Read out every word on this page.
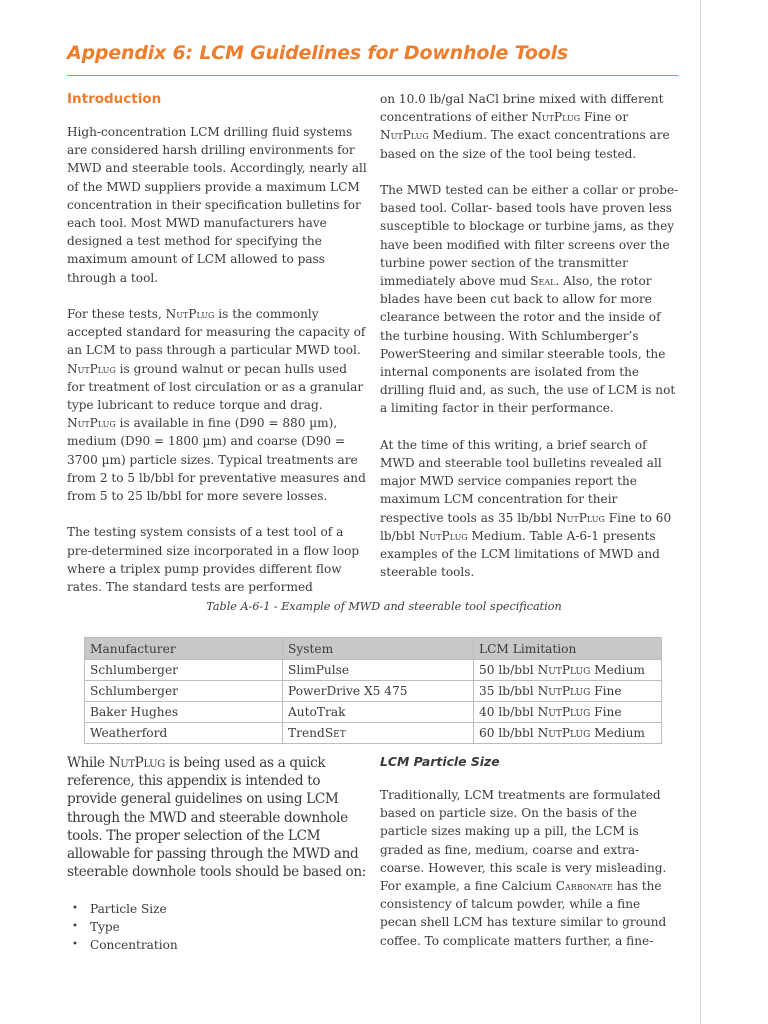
Appendix 6: LCM Guidelines for Downhole Tools
Introduction

High-concentration LCM drilling fluid systems are considered harsh drilling environments for MWD and steerable tools. Accordingly, nearly all of the MWD suppliers provide a maximum LCM concentration in their specification bulletins for each tool. Most MWD manufacturers have designed a test method for specifying the maximum amount of LCM allowed to pass through a tool.

For these tests, NutPlug is the commonly accepted standard for measuring the capacity of an LCM to pass through a particular MWD tool. NutPlug is ground walnut or pecan hulls used for treatment of lost circulation or as a granular type lubricant to reduce torque and drag. NutPlug is available in fine (D90 = 880 µm), medium (D90 = 1800 µm) and coarse (D90 = 3700 µm) particle sizes. Typical treatments are from 2 to 5 lb/bbl for preventative measures and from 5 to 25 lb/bbl for more severe losses.

The testing system consists of a test tool of a pre-determined size incorporated in a flow loop where a triplex pump provides different flow rates. The standard tests are performed

on 10.0 lb/gal NaCl brine mixed with different concentrations of either NutPlug Fine or NutPlug Medium. The exact concentrations are based on the size of the tool being tested.

The MWD tested can be either a collar or probe-based tool. Collar- based tools have proven less susceptible to blockage or turbine jams, as they have been modified with filter screens over the turbine power section of the transmitter immediately above mud Seal. Also, the rotor blades have been cut back to allow for more clearance between the rotor and the inside of the turbine housing. With Schlumberger’s PowerSteering and similar steerable tools, the internal components are isolated from the drilling fluid and, as such, the use of LCM is not a limiting factor in their performance.

At the time of this writing, a brief search of MWD and steerable tool bulletins revealed all major MWD service companies report the maximum LCM concentration for their respective tools as 35 lb/bbl NutPlug Fine to 60 lb/bbl NutPlug Medium. Table A-6-1 presents examples of the LCM limitations of MWD and steerable tools.

Table A-6-1 - Example of MWD and steerable tool specification

Manufacturer	System	LCM Limitation
Schlumberger	SlimPulse	50 lb/bbl NutPlug Medium
Schlumberger	PowerDrive X5 475	35 lb/bbl NutPlug Fine
Baker Hughes	AutoTrak	40 lb/bbl NutPlug Fine
Weatherford	TrendSet	60 lb/bbl NutPlug Medium

While NutPlug is being used as a quick reference, this appendix is intended to provide general guidelines on using LCM through the MWD and steerable downhole tools. The proper selection of the LCM allowable for passing through the MWD and steerable downhole tools should be based on:

• Particle Size
• Type
• Concentration
LCM Particle Size

Traditionally, LCM treatments are formulated based on particle size. On the basis of the particle sizes making up a pill, the LCM is graded as fine, medium, coarse and extra-coarse. However, this scale is very misleading. For example, a fine Calcium Carbonate has the consistency of talcum powder, while a fine pecan shell LCM has texture similar to ground coffee. To complicate matters further, a fine-
